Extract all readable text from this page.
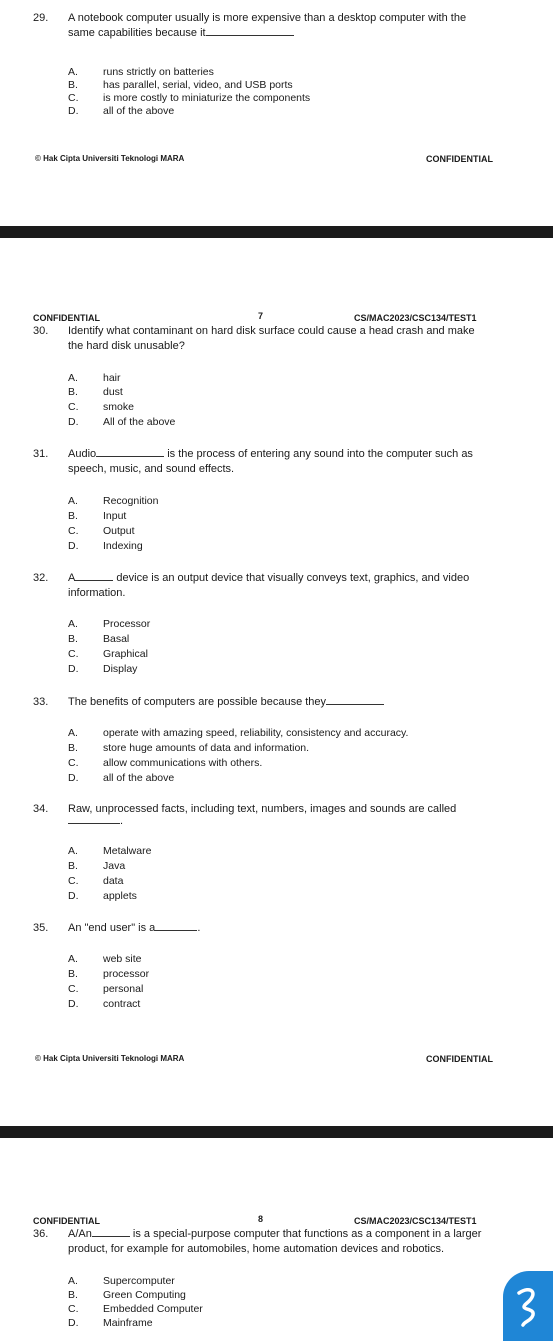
29. A notebook computer usually is more expensive than a desktop computer with the
same capabilities because it
A. runs strictly on batteries
B. has parallel, serial, video, and USB ports
C. is more costly to miniaturize the components
D. all of the above
© Hak Cipta Universiti Teknologi MARA	CONFIDENTIAL
CONFIDENTIAL	7	CS/MAC2023/CSC134/TEST1
30. Identify what contaminant on hard disk surface could cause a head crash and make
the hard disk unusable?
A. hair
B. dust
C. smoke
D. All of the above
31. Audio	is the process of entering any sound into the computer such as
speech, music, and sound effects.
A. Recognition
B. Input
C. Output
D. Indexing
32. A	device is an output device that visually conveys text, graphics, and video
information.
A. Processor
B. Basal
C. Graphical
D. Display
33. The benefits of computers are possible because they
A. operate with amazing speed, reliability, consistency and accuracy.
B. store huge amounts of data and information.
C. allow communications with others.
D. all of the above
34. Raw, unprocessed facts, including text, numbers, images and sounds are called
.
A. Metalware
B. Java
C. data
D. applets
35. An "end user" is a	.
A. web site
B. processor
C. personal
D. contract
© Hak Cipta Universiti Teknologi MARA	CONFIDENTIAL
CONFIDENTIAL	8	CS/MAC2023/CSC134/TEST1
36. A/An	is a special-purpose computer that functions as a component in a larger
product, for example for automobiles, home automation devices and robotics.
A. Supercomputer
B. Green Computing
C. Embedded Computer
D. Mainframe
